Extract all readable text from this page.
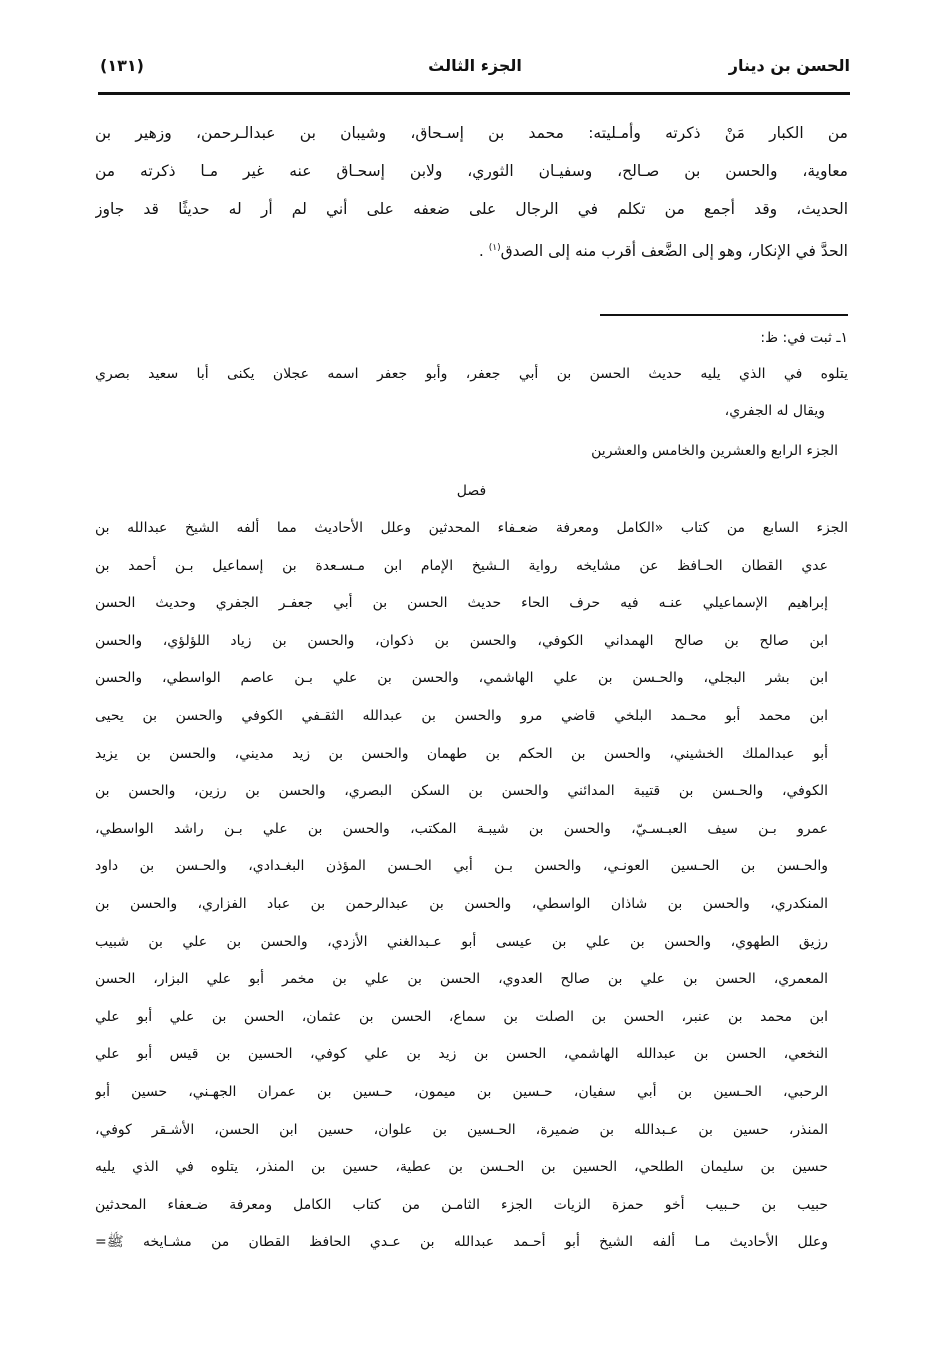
الحسن بن دينار
الجزء الثالث
(١٣١)
من الكبار مَنْ ذكرته وأمـليته: محمد بن إسـحاق، وشيبان بن عبدالـرحمن، وزهير بن
معاوية، والحسن بن صـالح، وسفيـان الثوري، ولابن إسحـاق عنه غير مـا ذكرته من
الحديث، وقد أجمع من تكلم في الرجال على ضعفه على أني لم أر له حديثًا قد جاوز
الحدَّ في الإنكار، وهو إلى الضَّعف أقرب منه إلى الصدق$^{(١)}$ .
١ـ ثبت في: ظ:
يتلوه في الذي يليه حديث الحسن بن أبي جعفر، وأبو جعفر اسمه عجلان يكنى أبا سعيد بصري
ويقال له الجفري،
الجزء الرابع والعشرين والخامس والعشرين
فصل
الجزء السابع من كتاب «الكامل ومعرفة ضعـفاء المحدثين وعلل الأحاديث مما ألفه الشيخ عبدالله بن
عدي القطان الحـافظ عن مشايخه رواية الـشيخ الإمام ابن مـسـعدة بن إسماعيل بـن أحمد بن
إبراهيم الإسماعيلي عنـه فيه حرف الحاء حديث الحسن بن أبي جعفـر الجفري وحديث الحسن
ابن صالح بن صالح الهمداني الكوفي، والحسن بن ذكوان، والحسن بن زياد اللؤلؤي، والحسن
ابن بشر البجلي، والحـسن بن علي الهاشمي، والحسن بن علي بـن عاصم الواسطي، والحسن
ابن محمد أبو محـمد البلخي قاضي مرو والحسن بن عبدالله الثقـفي الكوفي والحسن بن يحيى
أبو عبدالملك الخشيني، والحسن بن الحكم بن طهمان والحسن بن زيد مديني، والحسن بن يزيد
الكوفي، والحـسن بن قتيبة المدائني والحسن بن السكن البصري، والحسن بن رزين، والحسن بن
عمرو بـن سيف العبـسـيّ، والحسن بن شيبـة المكتب، والحسن بن علي بـن راشد الواسطي،
والحـسن بن الحـسين العونـي، والحسن بـن أبي الحـسن المؤذن البغـدادي، والحـسن بن داود
المنكدري، والحسن بن شاذان الواسطي، والحسن بن عبدالرحمن بن عباد الفزاري، والحسن بن
رزيق الطهوي، والحسن بن علي بن عيسى أبو عـبدالغني الأزدي، والحسن بن علي بن شبيب
المعمري، الحسن بن علي بن صالح العدوي، الحسن بن علي بن مخمر أبو علي البزار، الحسن
ابن محمد بن عنبر، الحسن بن الصلت بن سماع، الحسن بن عثمان، الحسن بن علي أبو علي
النخعي، الحسن بن عبدالله الهاشمي، الحسن بن زيد بن علي كوفي، الحسين بن قيس أبو علي
الرحبي، الحـسين بن أبي سفيان، حـسين بن ميمون، حـسين بن عمران الجهـني، حسين أبو
المنذر، حسين بن عـبدالله بن ضميرة، الحـسين بن علوان، حسين ابن الحسن، الأشـقر كوفي،
حسين بن سليمان الطلحي، الحسين بن الحـسن بن عطية، حسين بن المنذر، يتلوه في الذي يليه
حبيب بن حـبيب أخو حمزة الزيات الجزء الثامـن من كتاب الكامل ومعرفة ضـعفاء المحدثين
وعلل الأحاديث مـا ألفه الشيخ أبو أحـمد عبدالله بن عـدي الحافظ القطان من مشـايخه ﷺ=
